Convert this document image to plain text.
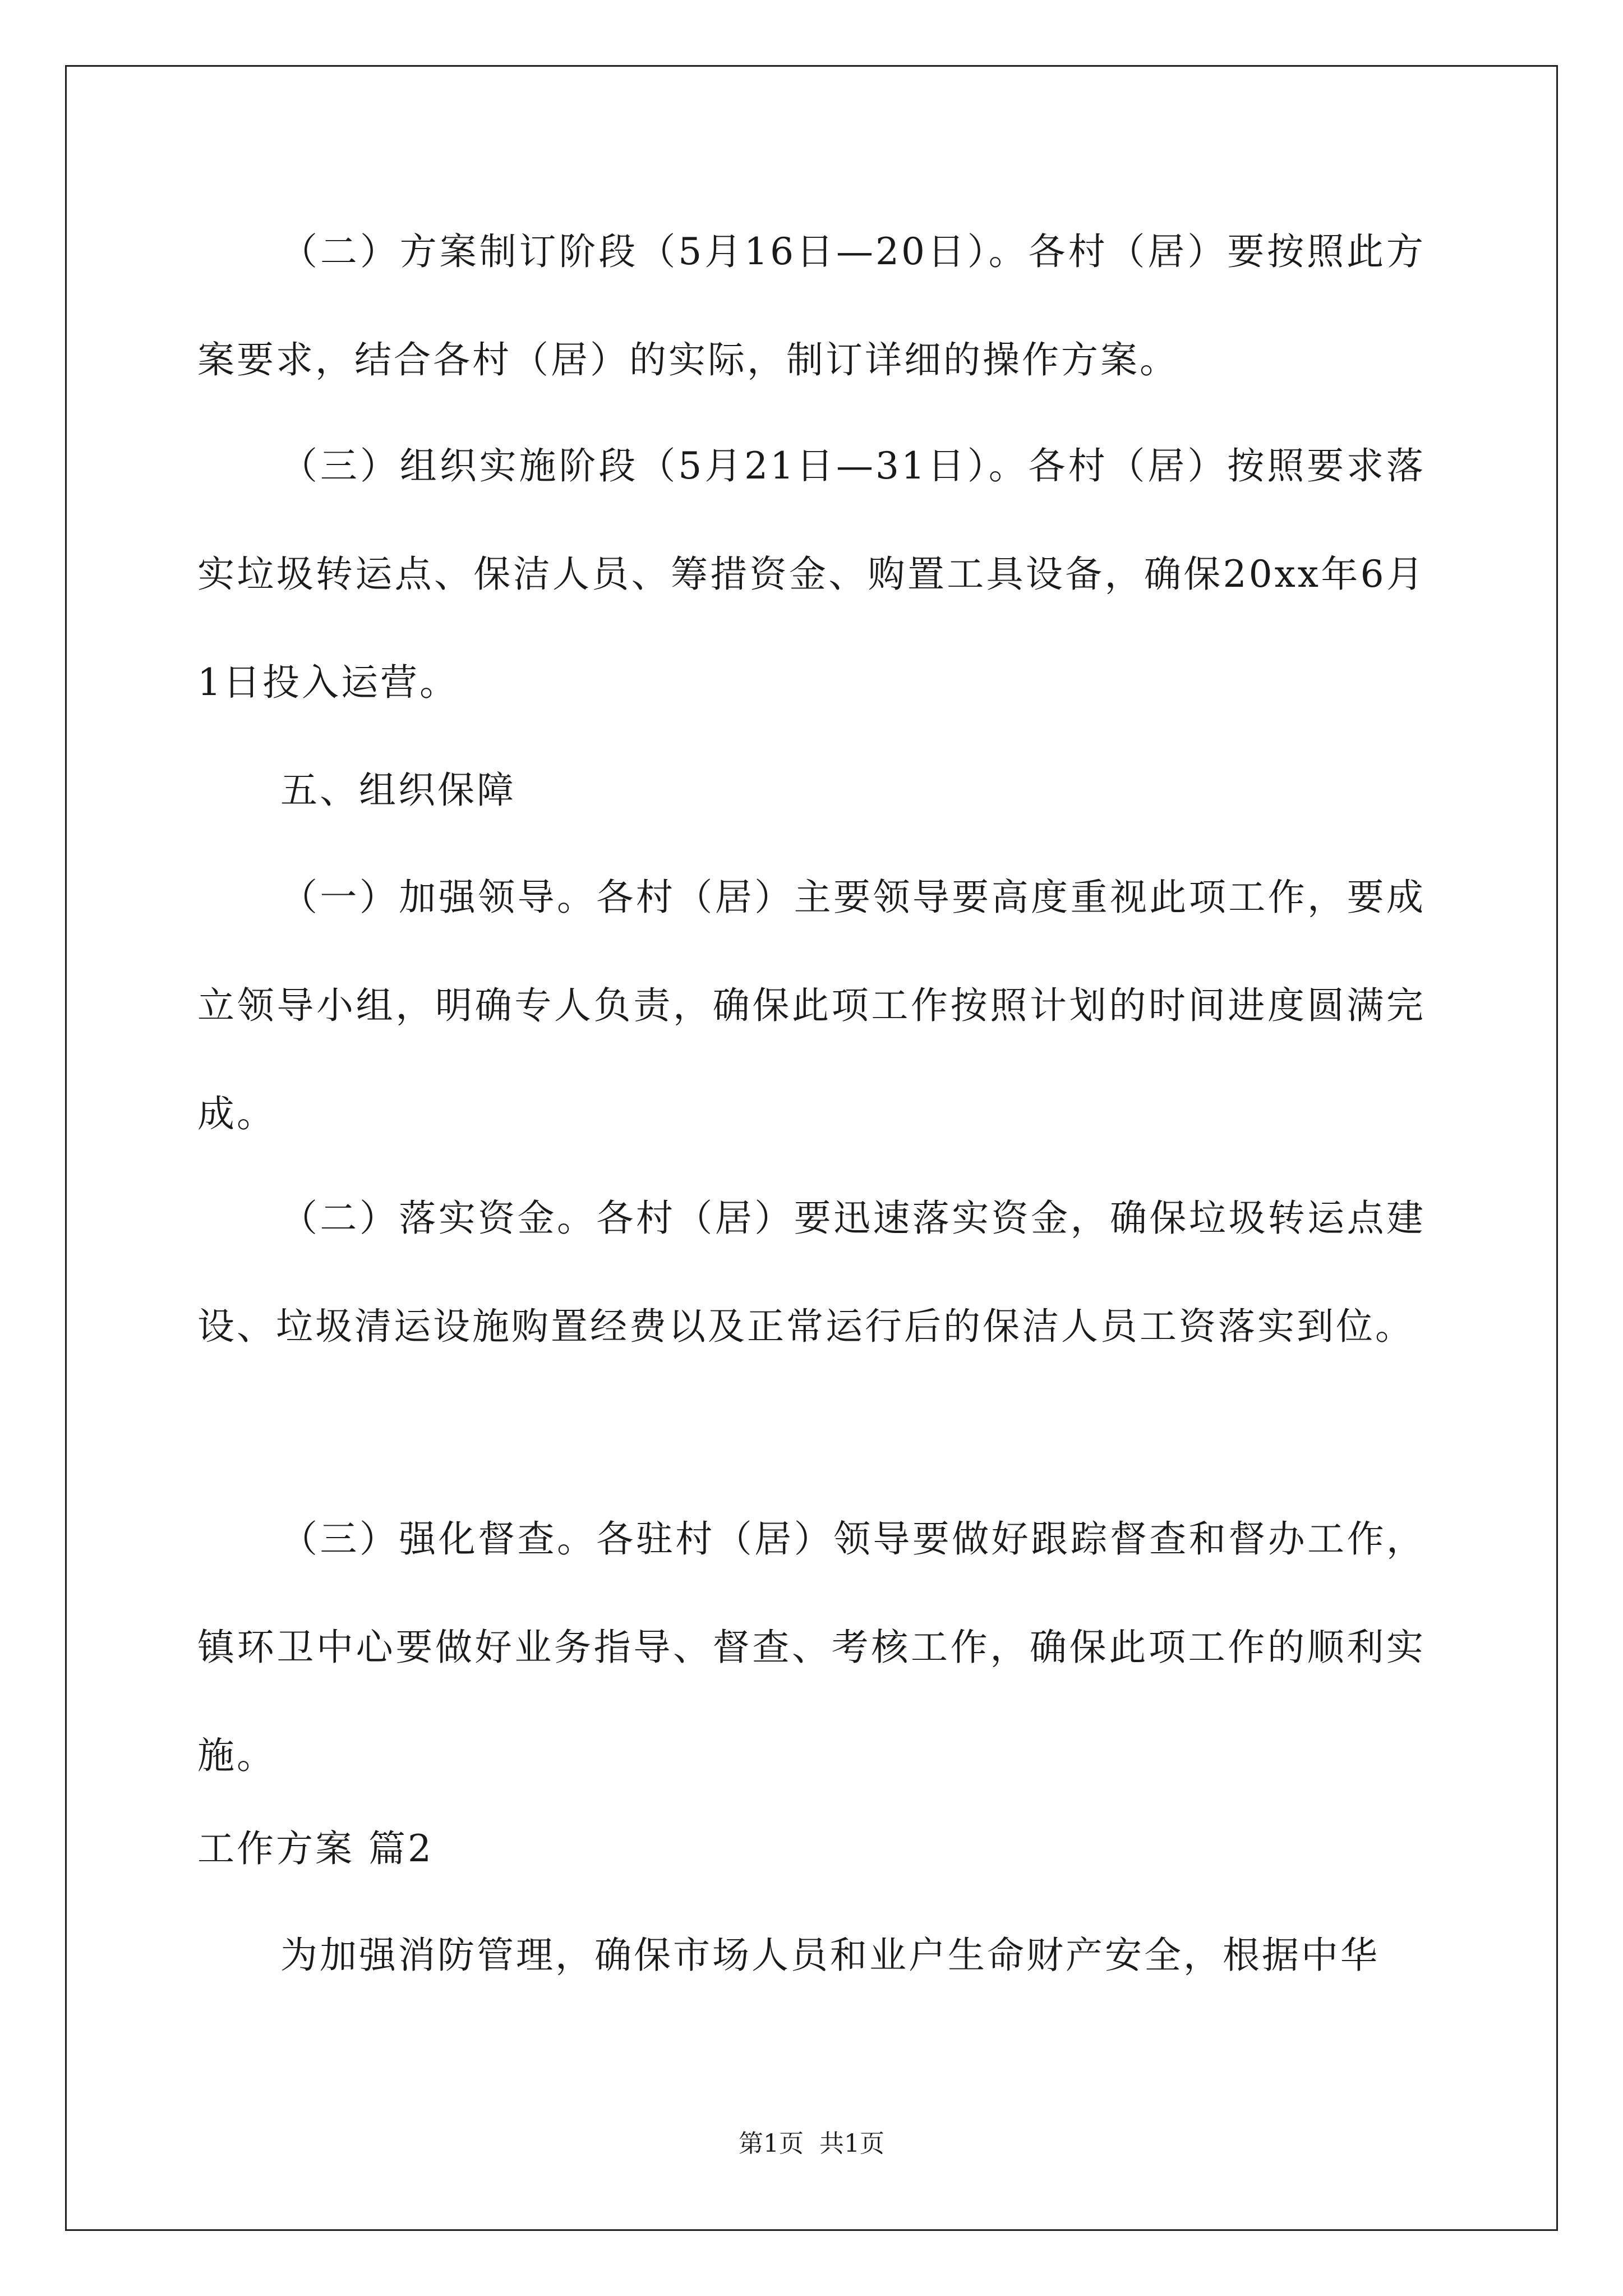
（二）方案制订阶段（5月16日—20日）。各村（居）要按照此方案要求，结合各村（居）的实际，制订详细的操作方案。

（三）组织实施阶段（5月21日—31日）。各村（居）按照要求落实垃圾转运点、保洁人员、筹措资金、购置工具设备，确保20xx年6月1日投入运营。

五、组织保障

（一）加强领导。各村（居）主要领导要高度重视此项工作，要成立领导小组，明确专人负责，确保此项工作按照计划的时间进度圆满完成。

（二）落实资金。各村（居）要迅速落实资金，确保垃圾转运点建设、垃圾清运设施购置经费以及正常运行后的保洁人员工资落实到位。

（三）强化督查。各驻村（居）领导要做好跟踪督查和督办工作，镇环卫中心要做好业务指导、督查、考核工作，确保此项工作的顺利实施。

工作方案 篇2

为加强消防管理，确保市场人员和业户生命财产安全，根据中华

第1页 共1页
